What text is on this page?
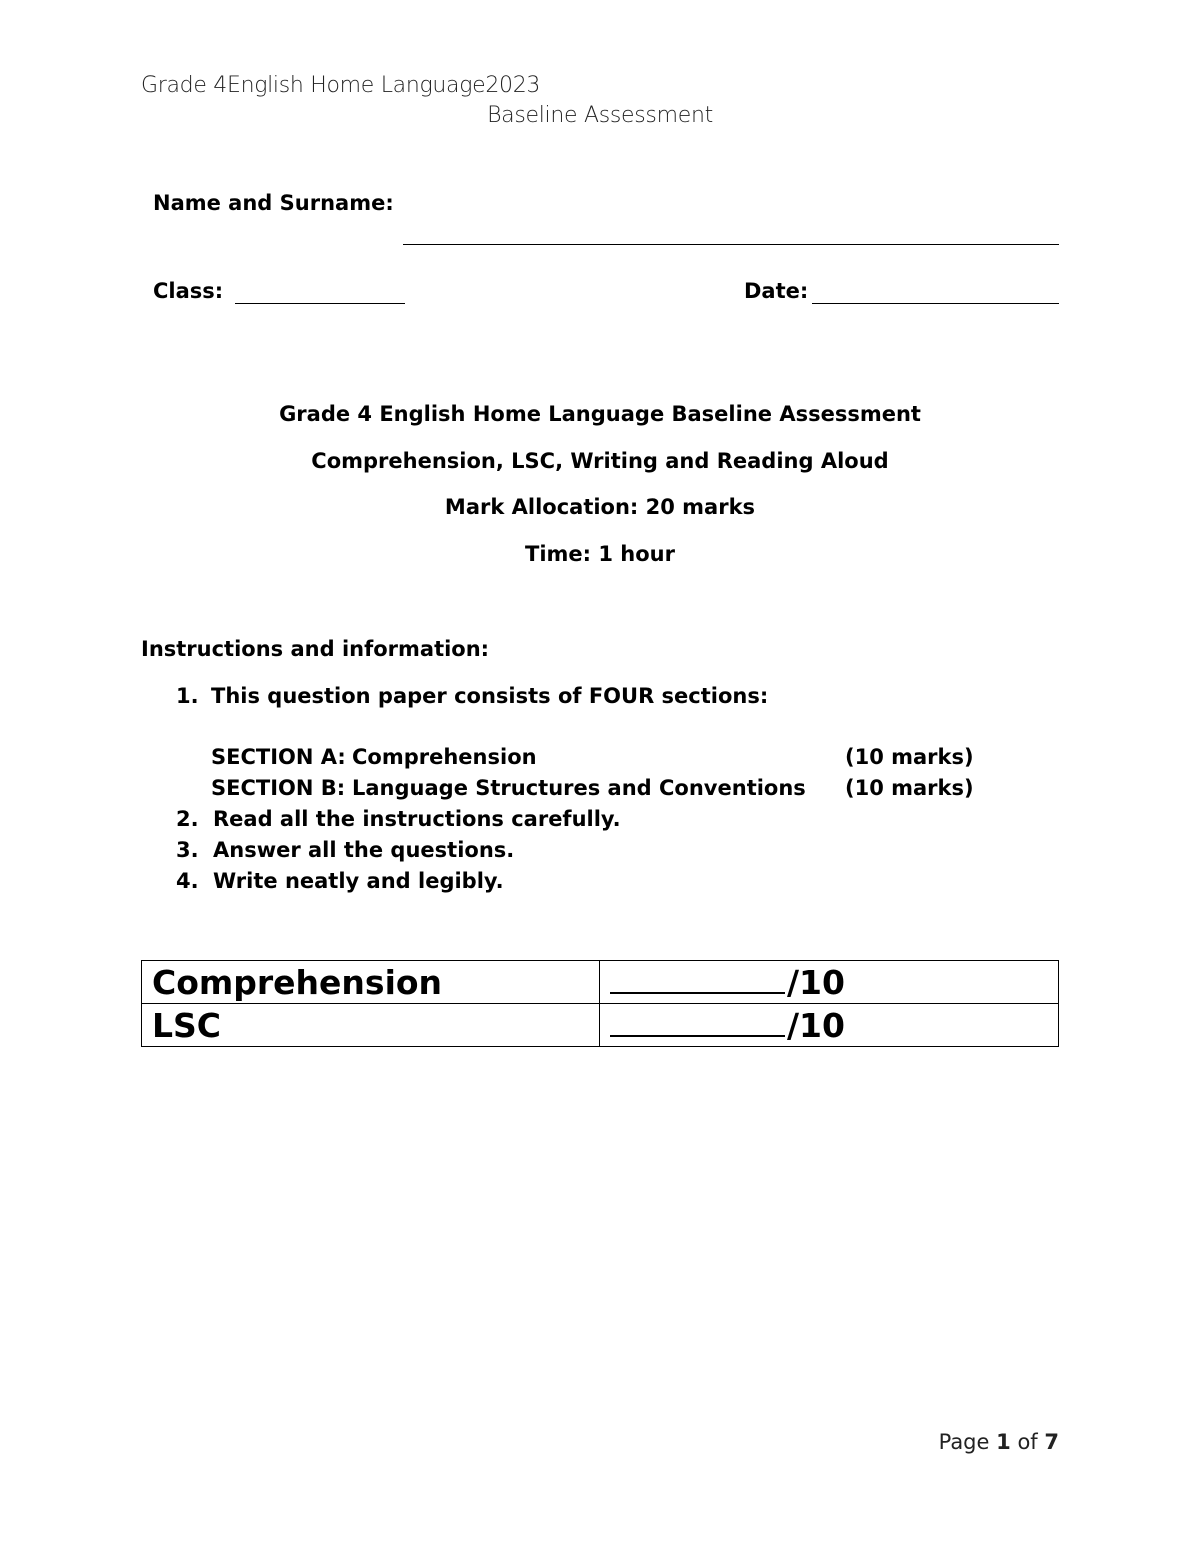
Grade 4English Home Language2023
Baseline Assessment
Name and Surname:
Class:	Date:
Grade 4 English Home Language Baseline Assessment
Comprehension, LSC, Writing and Reading Aloud
Mark Allocation: 20 marks
Time: 1 hour
Instructions and information:
1. This question paper consists of FOUR sections:
SECTION A: Comprehension	(10 marks)
SECTION B: Language Structures and Conventions (10 marks)
2. Read all the instructions carefully.
3. Answer all the questions.
4. Write neatly and legibly.
Comprehension	/10
LSC	/10
Page 1 of 7
